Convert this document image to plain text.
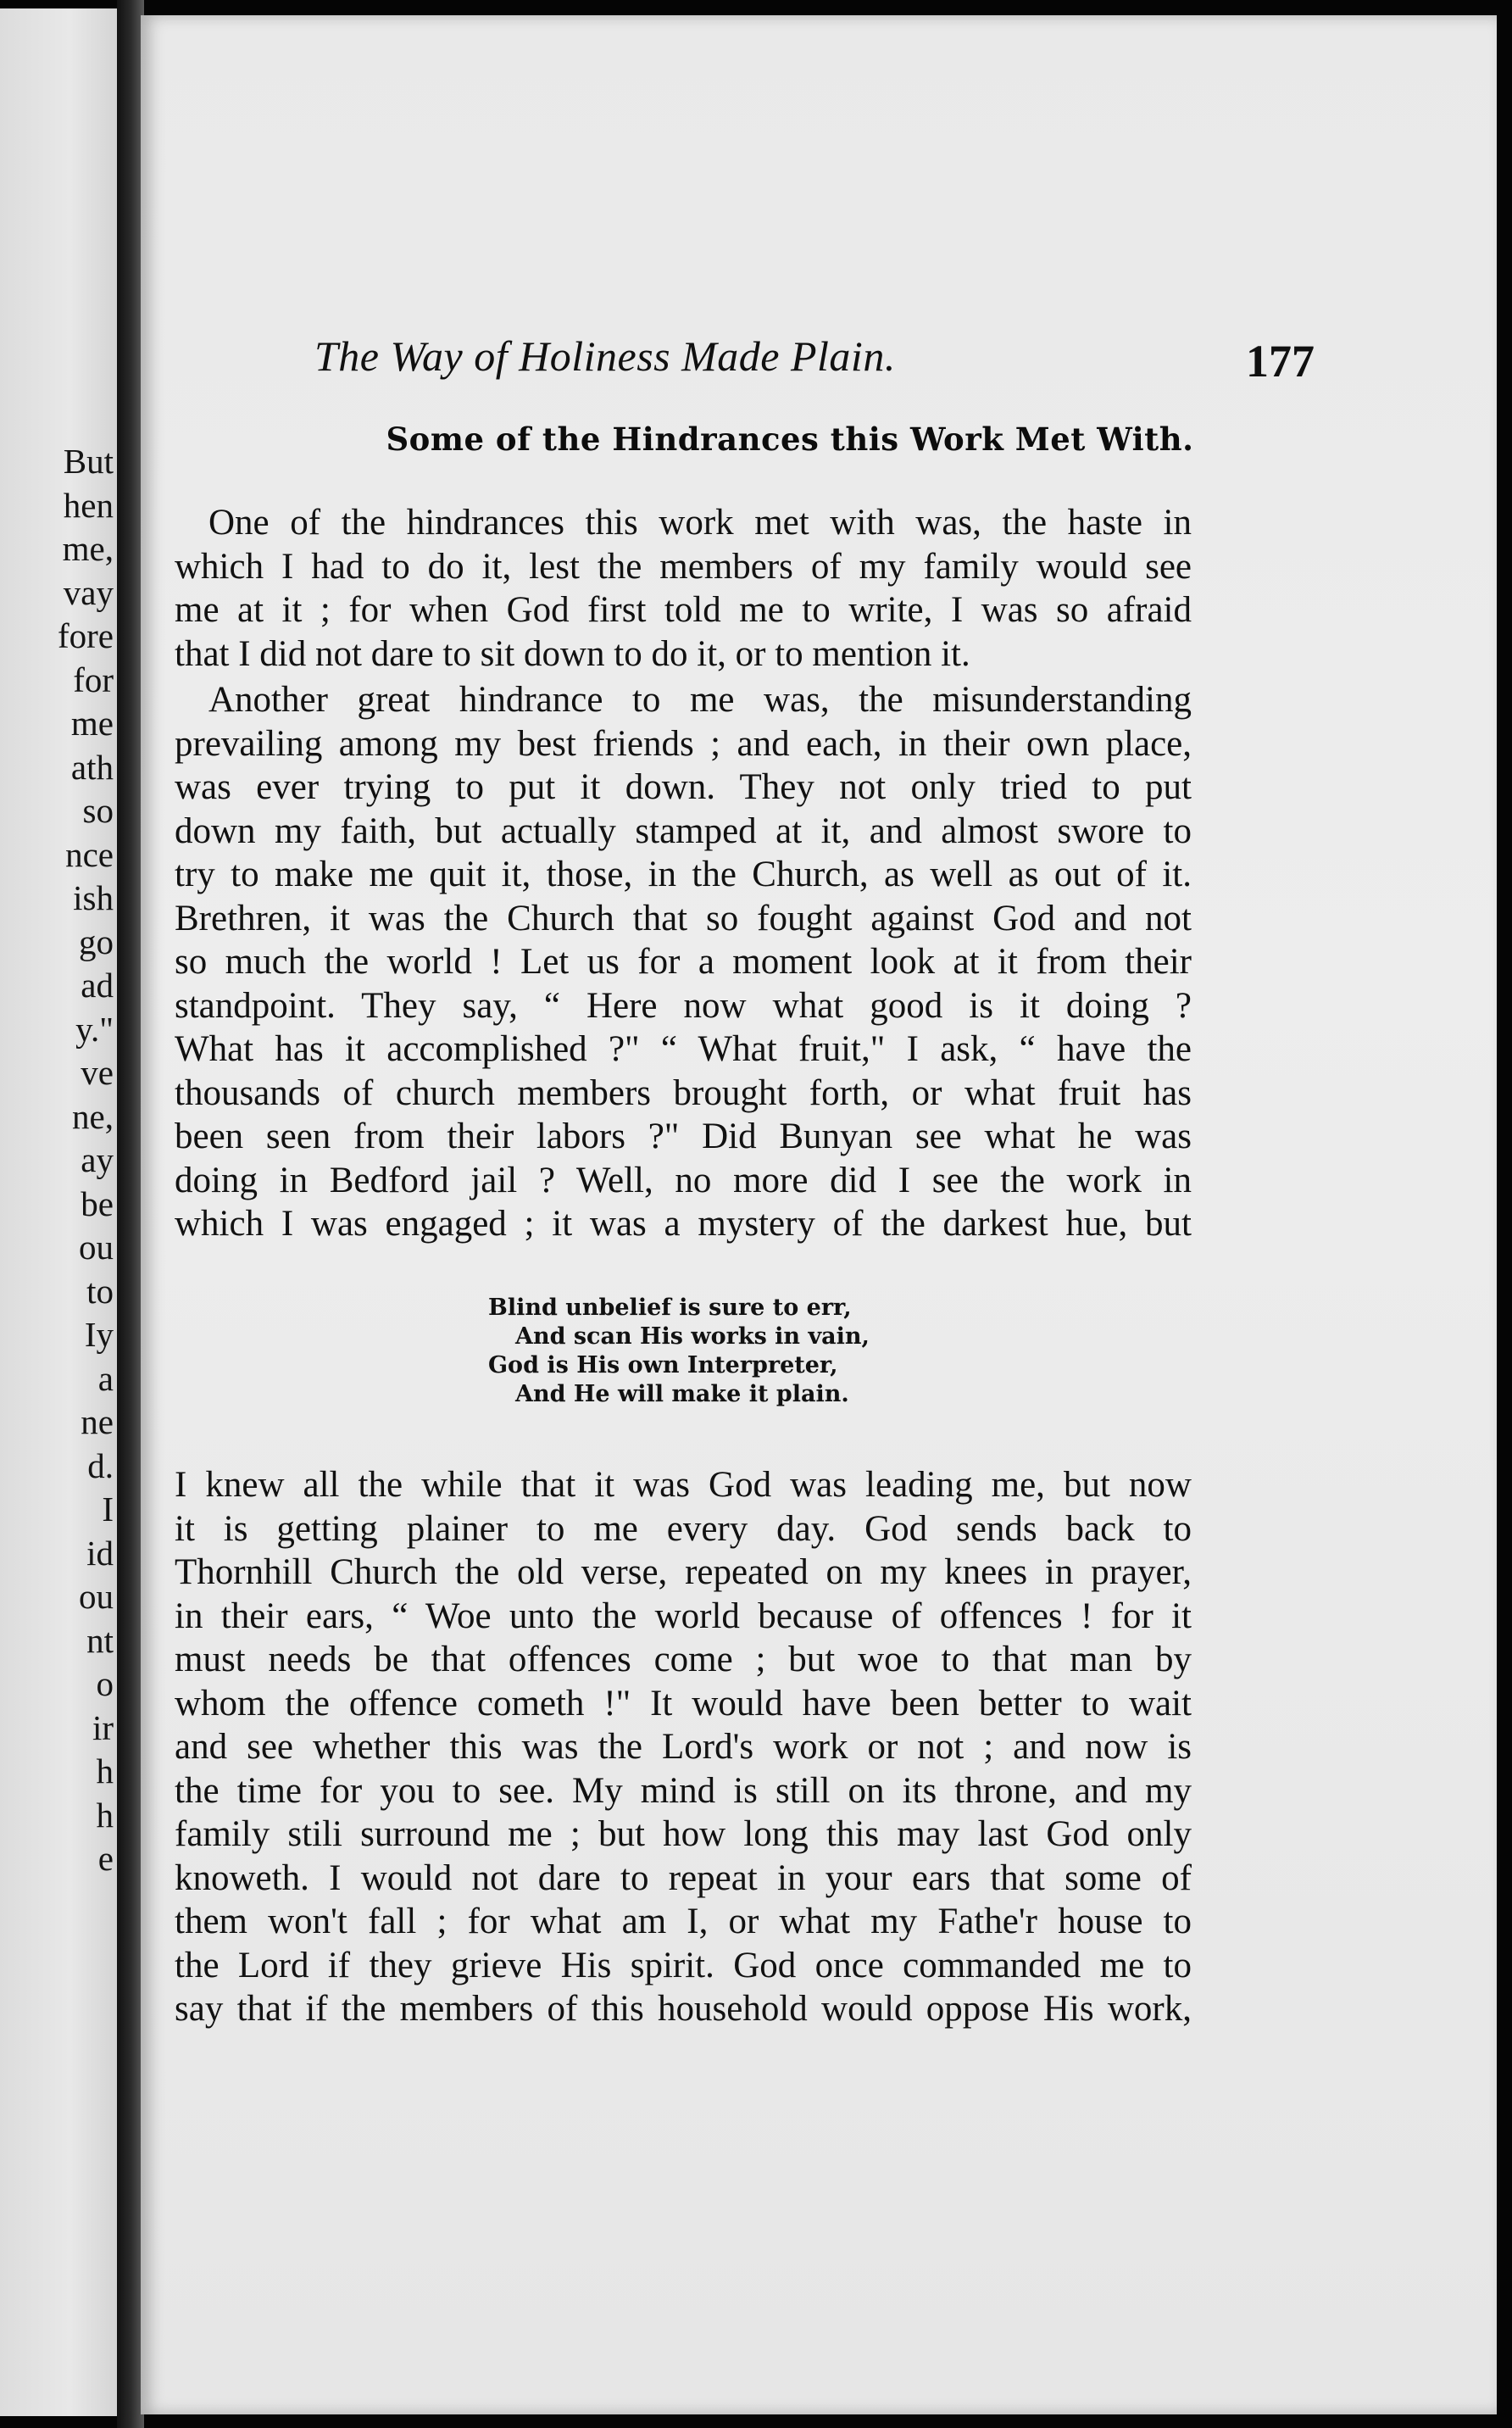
But
hen
me,
vay
fore
for
me
ath
so
nce
ish
go
ad
y."
ve
ne,
ay
be
ou
to
Iy
a
ne
d.
I
id
ou
nt
o
ir
h
h
e
The Way of Holiness Made Plain.	177
Some of the Hindrances this Work Met With.
One of the hindrances this work met with was, the haste in
which I had to do it, lest the members of my family would see
me at it ; for when God first told me to write, I was so afraid
that I did not dare to sit down to do it, or to mention it.
Another great hindrance to me was, the misunderstanding
prevailing among my best friends ; and each, in their own place,
was ever trying to put it down. They not only tried to put
down my faith, but actually stamped at it, and almost swore to
try to make me quit it, those, in the Church, as well as out of it.
Brethren, it was the Church that so fought against God and not
so much the world ! Let us for a moment look at it from their
standpoint. They say, “ Here now what good is it doing ?
What has it accomplished ?" “ What fruit," I ask, “ have the
thousands of church members brought forth, or what fruit has
been seen from their labors ?" Did Bunyan see what he was
doing in Bedford jail ? Well, no more did I see the work in
which I was engaged ; it was a mystery of the darkest hue, but
Blind unbelief is sure to err,
And scan His works in vain,
God is His own Interpreter,
And He will make it plain.
I knew all the while that it was God was leading me, but now
it is getting plainer to me every day. God sends back to
Thornhill Church the old verse, repeated on my knees in prayer,
in their ears, “ Woe unto the world because of offences ! for it
must needs be that offences come ; but woe to that man by
whom the offence cometh !" It would have been better to wait
and see whether this was the Lord's work or not ; and now is
the time for you to see. My mind is still on its throne, and my
family stili surround me ; but how long this may last God only
knoweth. I would not dare to repeat in your ears that some of
them won't fall ; for what am I, or what my Fathe'r house to
the Lord if they grieve His spirit. God once commanded me to
say that if the members of this household would oppose His work,
